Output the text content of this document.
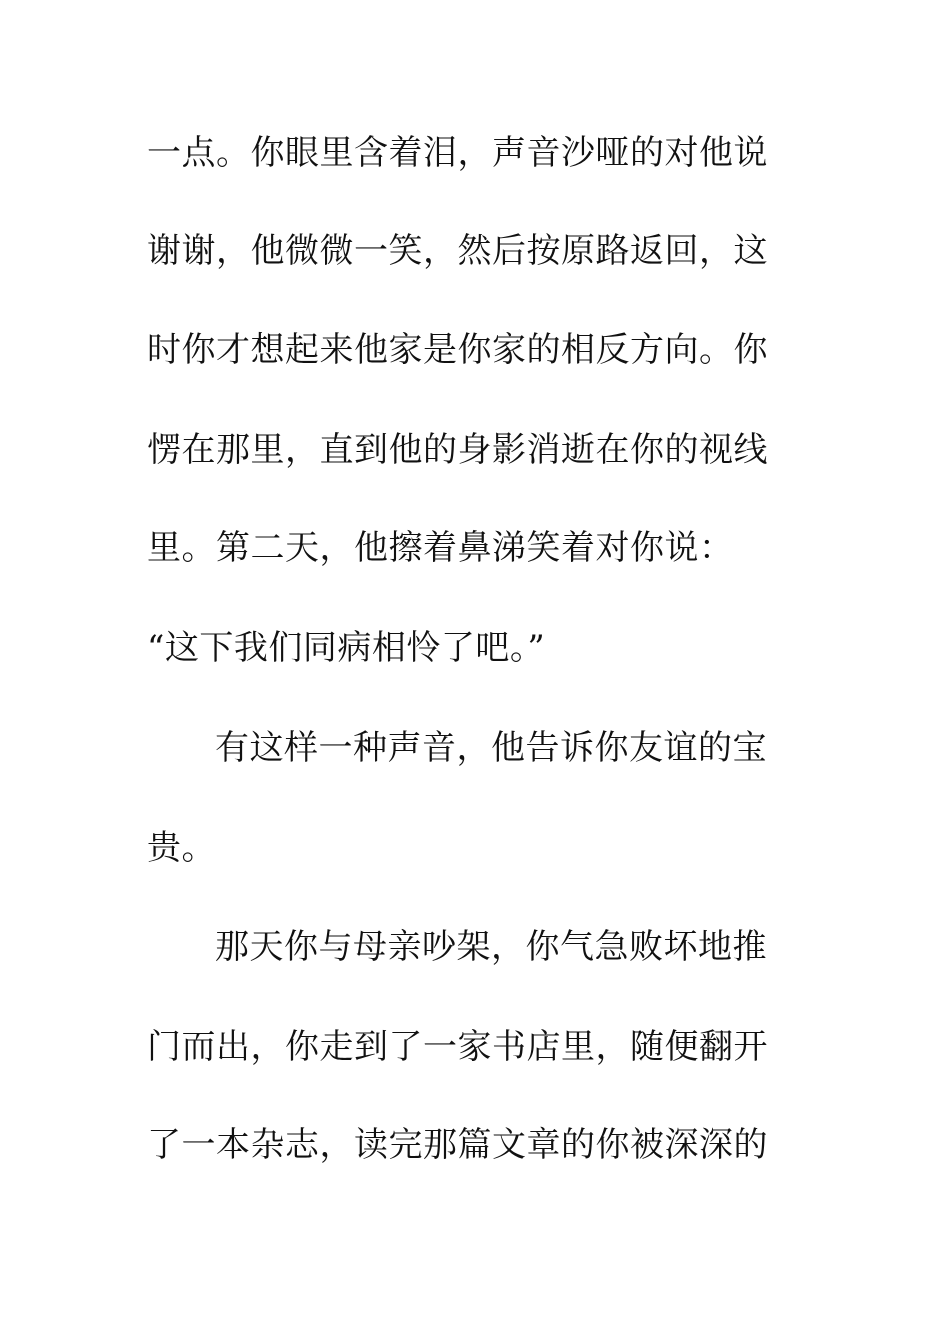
一点。你眼里含着泪，声音沙哑的对他说
谢谢，他微微一笑，然后按原路返回，这
时你才想起来他家是你家的相反方向。你
愣在那里，直到他的身影消逝在你的视线
里。第二天，他擦着鼻涕笑着对你说：
“这下我们同病相怜了吧。”
有这样一种声音，他告诉你友谊的宝
贵。
那天你与母亲吵架，你气急败坏地推
门而出，你走到了一家书店里，随便翻开
了一本杂志，读完那篇文章的你被深深的
